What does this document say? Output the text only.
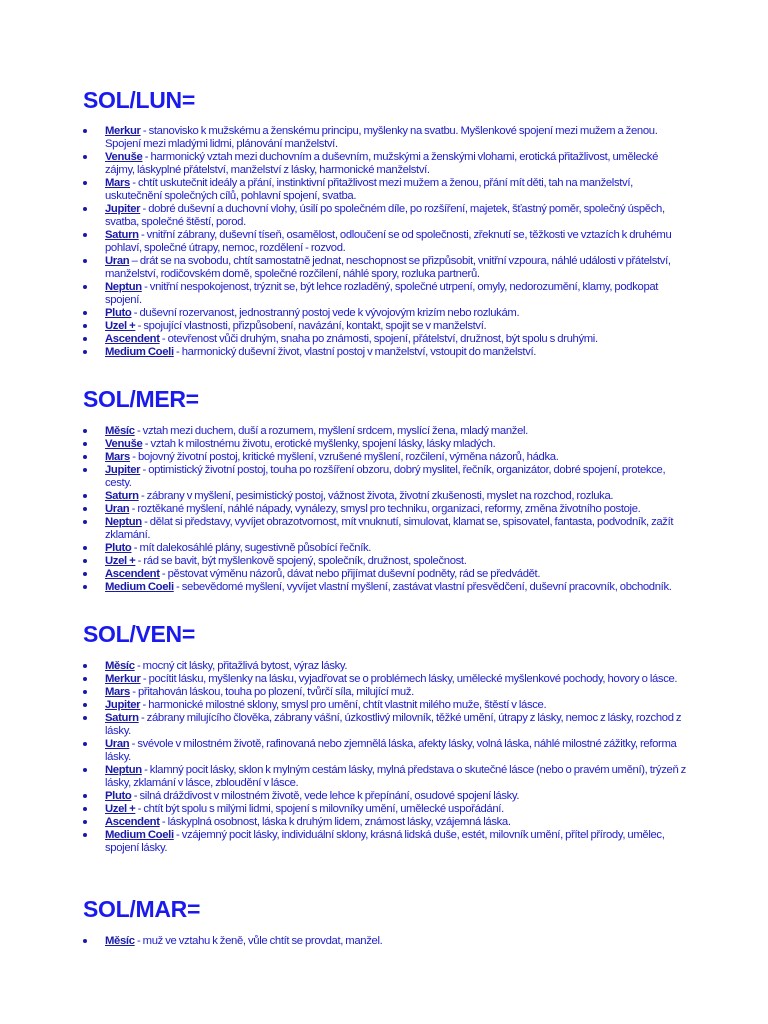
SOL/LUN=
Merkur - stanovisko k mužskému a ženskému principu, myšlenky na svatbu. Myšlenkové spojení mezi mužem a ženou. Spojení mezi mladými lidmi, plánování manželství.
Venuše - harmonický vztah mezi duchovním a duševním, mužskými a ženskými vlohami, erotická přitažlivost, umělecké zájmy, láskyplné přátelství, manželství z lásky, harmonické manželství.
Mars - chtít uskutečnit ideály a přání, instinktivní přitažlivost mezi mužem a ženou, přání mít děti, tah na manželství, uskutečnění společných cílů, pohlavní spojení, svatba.
Jupiter - dobré duševní a duchovní vlohy, úsilí po společném díle, po rozšíření, majetek, šťastný poměr, společný úspěch, svatba, společné štěstí, porod.
Saturn - vnitřní zábrany, duševní tíseň, osamělost, odloučení se od společnosti, zřeknutí se, těžkosti ve vztazích k druhému pohlaví, společné útrapy, nemoc, rozdělení - rozvod.
Uran – drát se na svobodu, chtít samostatně jednat, neschopnost se přizpůsobit, vnitřní vzpoura, náhlé události v přátelství, manželství, rodičovském domě, společné rozčilení, náhlé spory, rozluka partnerů.
Neptun - vnitřní nespokojenost, trýznit se, být lehce rozladěný, společné utrpení, omyly, nedorozumění, klamy, podkopat spojení.
Pluto - duševní rozervanost, jednostranný postoj vede k vývojovým krizím nebo rozlukám.
Uzel + - spojující vlastnosti, přizpůsobení, navázání, kontakt, spojit se v manželství.
Ascendent - otevřenost vůči druhým, snaha po známosti, spojení, přátelství, družnost, být spolu s druhými.
Medium Coeli - harmonický duševní život, vlastní postoj v manželství, vstoupit do manželství.
SOL/MER=
Měsíc - vztah mezi duchem, duší a rozumem, myšlení srdcem, myslící žena, mladý manžel.
Venuše - vztah k milostnému životu, erotické myšlenky, spojení lásky, lásky mladých.
Mars - bojovný životní postoj, kritické myšlení, vzrušené myšlení, rozčilení, výměna názorů, hádka.
Jupiter - optimistický životní postoj, touha po rozšíření obzoru, dobrý myslitel, řečník, organizátor, dobré spojení, protekce, cesty.
Saturn - zábrany v myšlení, pesimistický postoj, vážnost života, životní zkušenosti, myslet na rozchod, rozluka.
Uran - roztěkané myšlení, náhlé nápady, vynálezy, smysl pro techniku, organizaci, reformy, změna životního postoje.
Neptun - dělat si představy, vyvíjet obrazotvornost, mít vnuknutí, simulovat, klamat se, spisovatel, fantasta, podvodník, zažít zklamání.
Pluto - mít dalekosáhlé plány, sugestivně působící řečník.
Uzel + - rád se bavit, být myšlenkově spojený, společník, družnost, společnost.
Ascendent - pěstovat výměnu názorů, dávat nebo přijímat duševní podněty, rád se předvádět.
Medium Coeli - sebevědomé myšlení, vyvíjet vlastní myšlení, zastávat vlastní přesvědčení, duševní pracovník, obchodník.
SOL/VEN=
Měsíc - mocný cit lásky, přitažlivá bytost, výraz lásky.
Merkur - pocítit lásku, myšlenky na lásku, vyjadřovat se o problémech lásky, umělecké myšlenkové pochody, hovory o lásce.
Mars - přitahován láskou, touha po plození, tvůrčí síla, milující muž.
Jupiter - harmonické milostné sklony, smysl pro umění, chtít vlastnit milého muže, štěstí v lásce.
Saturn - zábrany milujícího člověka, zábrany vášní, úzkostlivý milovník, těžké umění, útrapy z lásky, nemoc z lásky, rozchod z lásky.
Uran - svévole v milostném životě, rafinovaná nebo zjemnělá láska, afekty lásky, volná láska, náhlé milostné zážitky, reforma lásky.
Neptun - klamný pocit lásky, sklon k mylným cestám lásky, mylná představa o skutečné lásce (nebo o pravém umění), trýzeň z lásky, zklamání v lásce, zbloudění v lásce.
Pluto - silná dráždivost v milostném životě, vede lehce k přepínání, osudové spojení lásky.
Uzel + - chtít být spolu s milými lidmi, spojení s milovníky umění, umělecké uspořádání.
Ascendent - láskyplná osobnost, láska k druhým lidem, známost lásky, vzájemná láska.
Medium Coeli - vzájemný pocit lásky, individuální sklony, krásná lidská duše, estét, milovník umění, přítel přírody, umělec, spojení lásky.
SOL/MAR=
Měsíc - muž ve vztahu k ženě, vůle chtít se provdat, manžel.
